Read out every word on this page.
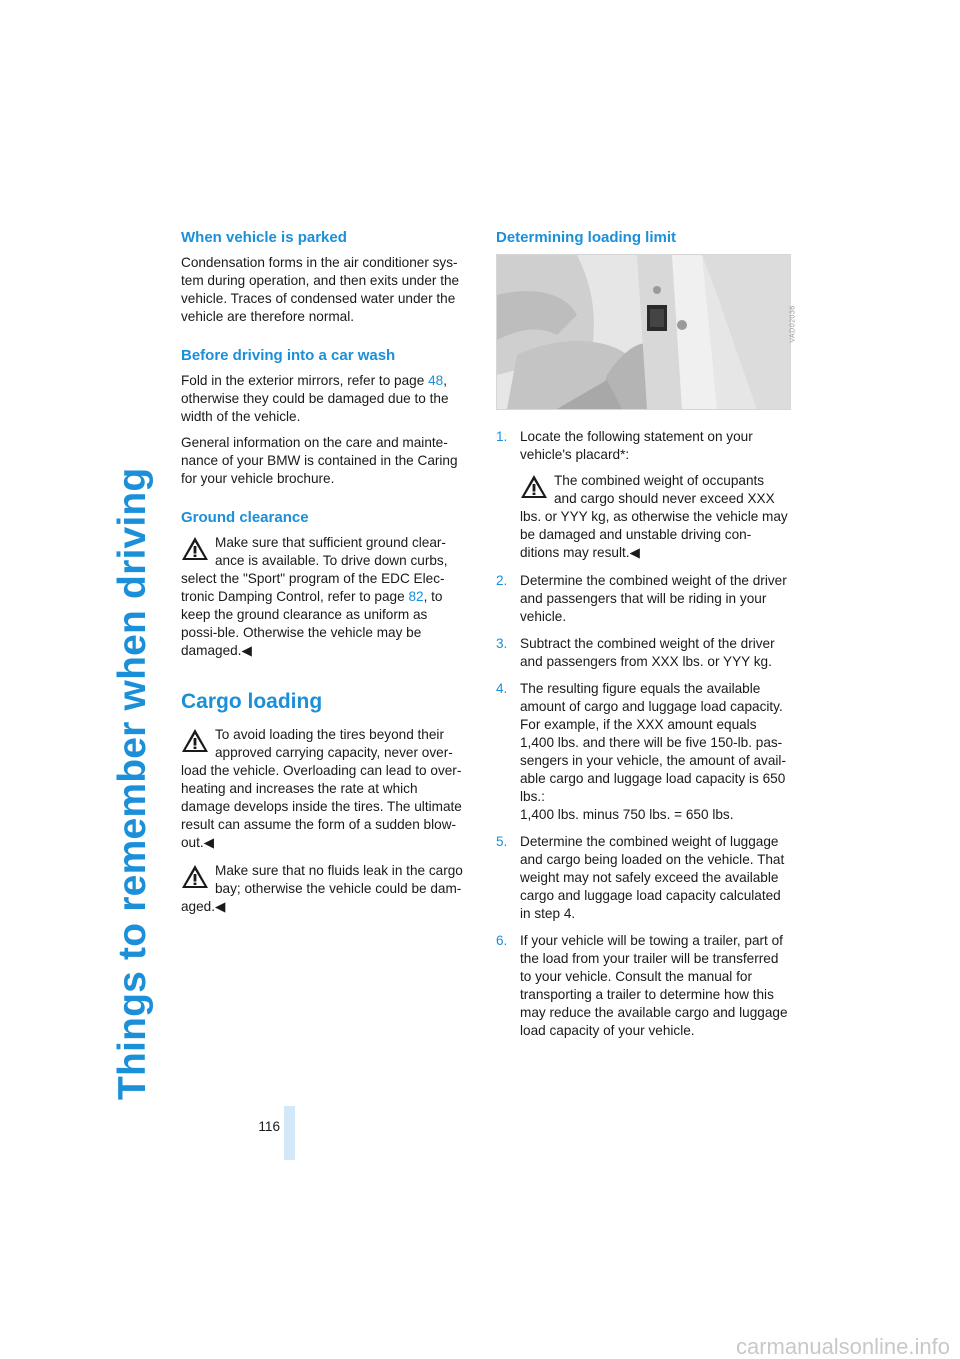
Things to remember when driving
When vehicle is parked

Condensation forms in the air conditioner sys-tem during operation, and then exits under the vehicle. Traces of condensed water under the vehicle are therefore normal.

Before driving into a car wash

Fold in the exterior mirrors, refer to page 48, otherwise they could be damaged due to the width of the vehicle.

General information on the care and mainte-nance of your BMW is contained in the Caring for your vehicle brochure.

Ground clearance
Make sure that sufficient ground clear-ance is available. To drive down curbs, select the "Sport" program of the EDC Elec-tronic Damping Control, refer to page 82, to keep the ground clearance as uniform as possi-ble. Otherwise the vehicle may be damaged.◀
Cargo loading
To avoid loading the tires beyond their approved carrying capacity, never over-load the vehicle. Overloading can lead to over-heating and increases the rate at which damage develops inside the tires. The ultimate result can assume the form of a sudden blow-out.◀
Make sure that no fluids leak in the cargo bay; otherwise the vehicle could be dam-aged.◀
Determining loading limit
VAD02036
1. Locate the following statement on your vehicle's placard*:
The combined weight of occupants and cargo should never exceed XXX lbs. or YYY kg, as otherwise the vehicle may be damaged and unstable driving con-ditions may result.◀
2. Determine the combined weight of the driver and passengers that will be riding in your vehicle.
3. Subtract the combined weight of the driver and passengers from XXX lbs. or YYY kg.
4. The resulting figure equals the available amount of cargo and luggage load capacity. For example, if the XXX amount equals 1,400 lbs. and there will be five 150-lb. pas-sengers in your vehicle, the amount of avail-able cargo and luggage load capacity is 650 lbs.:
1,400 lbs. minus 750 lbs. = 650 lbs.
5. Determine the combined weight of luggage and cargo being loaded on the vehicle. That weight may not safely exceed the available cargo and luggage load capacity calculated in step 4.
6. If your vehicle will be towing a trailer, part of the load from your trailer will be transferred to your vehicle. Consult the manual for transporting a trailer to determine how this may reduce the available cargo and luggage load capacity of your vehicle.
116
carmanualsonline.info
